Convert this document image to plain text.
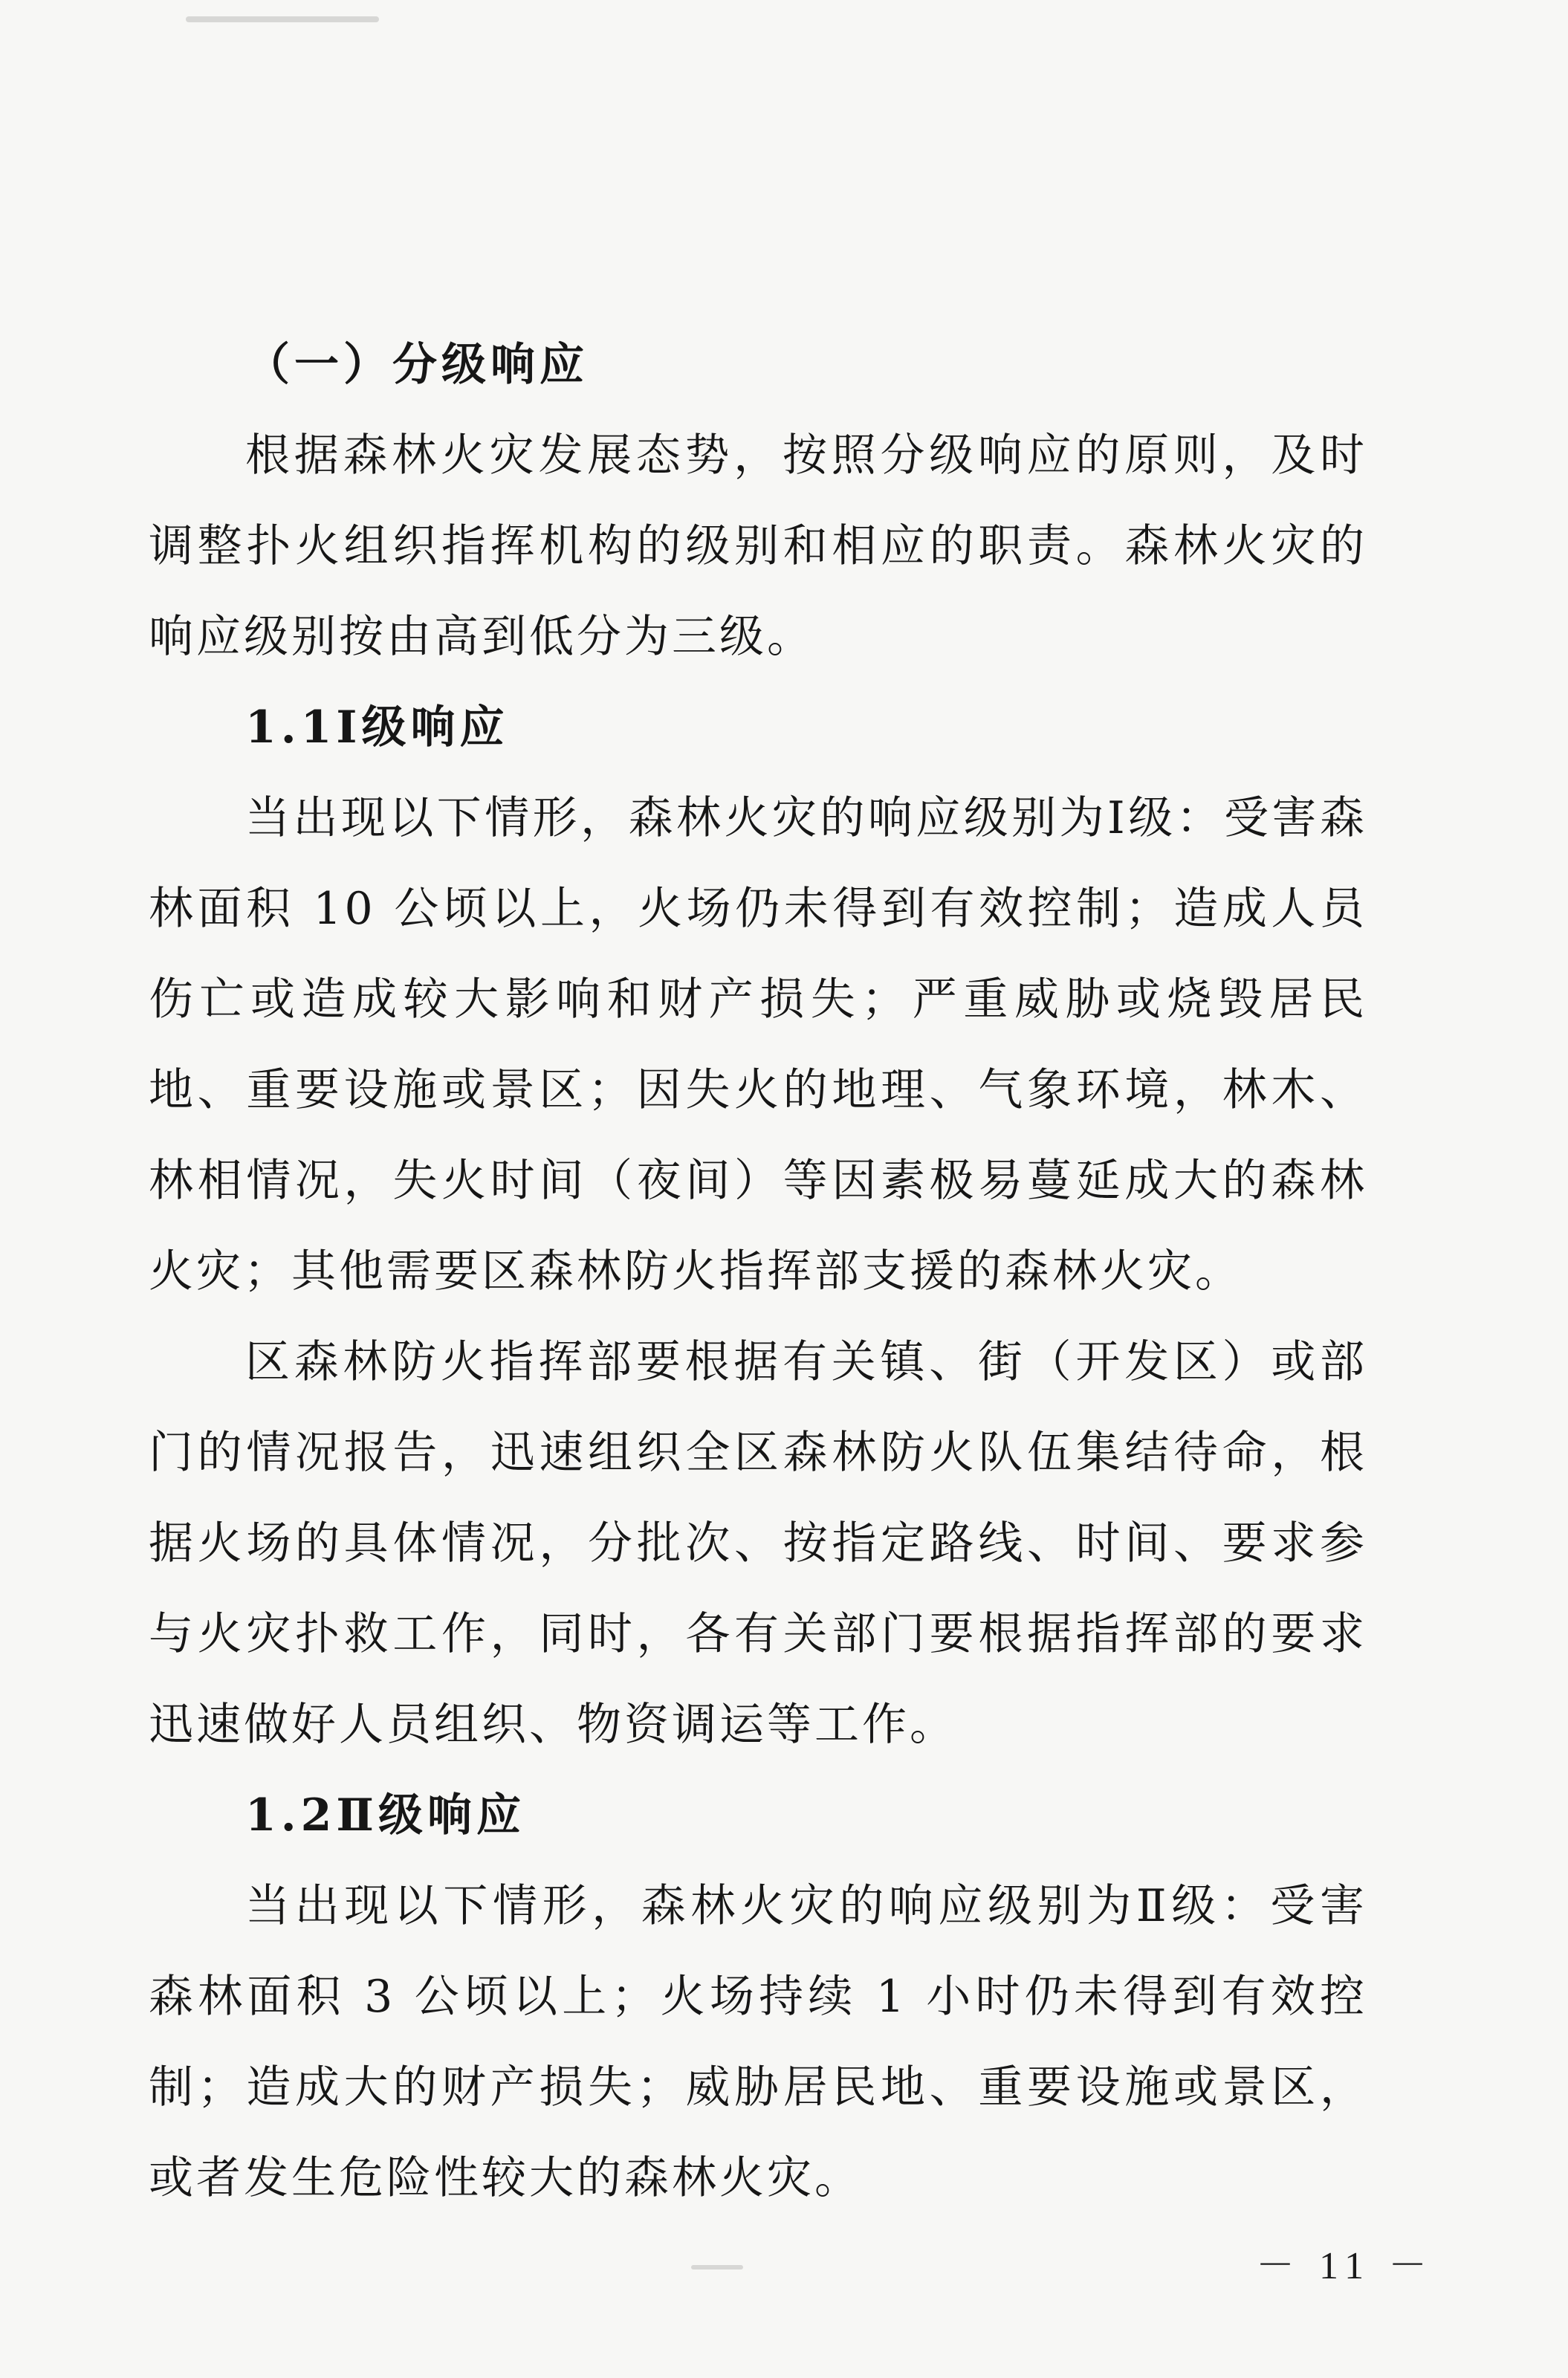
（一）分级响应

根据森林火灾发展态势，按照分级响应的原则，及时调整扑火组织指挥机构的级别和相应的职责。森林火灾的响应级别按由高到低分为三级。

1.1Ⅰ级响应

当出现以下情形，森林火灾的响应级别为Ⅰ级：受害森林面积 10 公顷以上，火场仍未得到有效控制；造成人员伤亡或造成较大影响和财产损失；严重威胁或烧毁居民地、重要设施或景区；因失火的地理、气象环境，林木、林相情况，失火时间（夜间）等因素极易蔓延成大的森林火灾；其他需要区森林防火指挥部支援的森林火灾。

区森林防火指挥部要根据有关镇、街（开发区）或部门的情况报告，迅速组织全区森林防火队伍集结待命，根据火场的具体情况，分批次、按指定路线、时间、要求参与火灾扑救工作，同时，各有关部门要根据指挥部的要求迅速做好人员组织、物资调运等工作。

1.2Ⅱ级响应

当出现以下情形，森林火灾的响应级别为Ⅱ级：受害森林面积 3 公顷以上；火场持续 1 小时仍未得到有效控制；造成大的财产损失；威胁居民地、重要设施或景区，或者发生危险性较大的森林火灾。

－ 11 －
